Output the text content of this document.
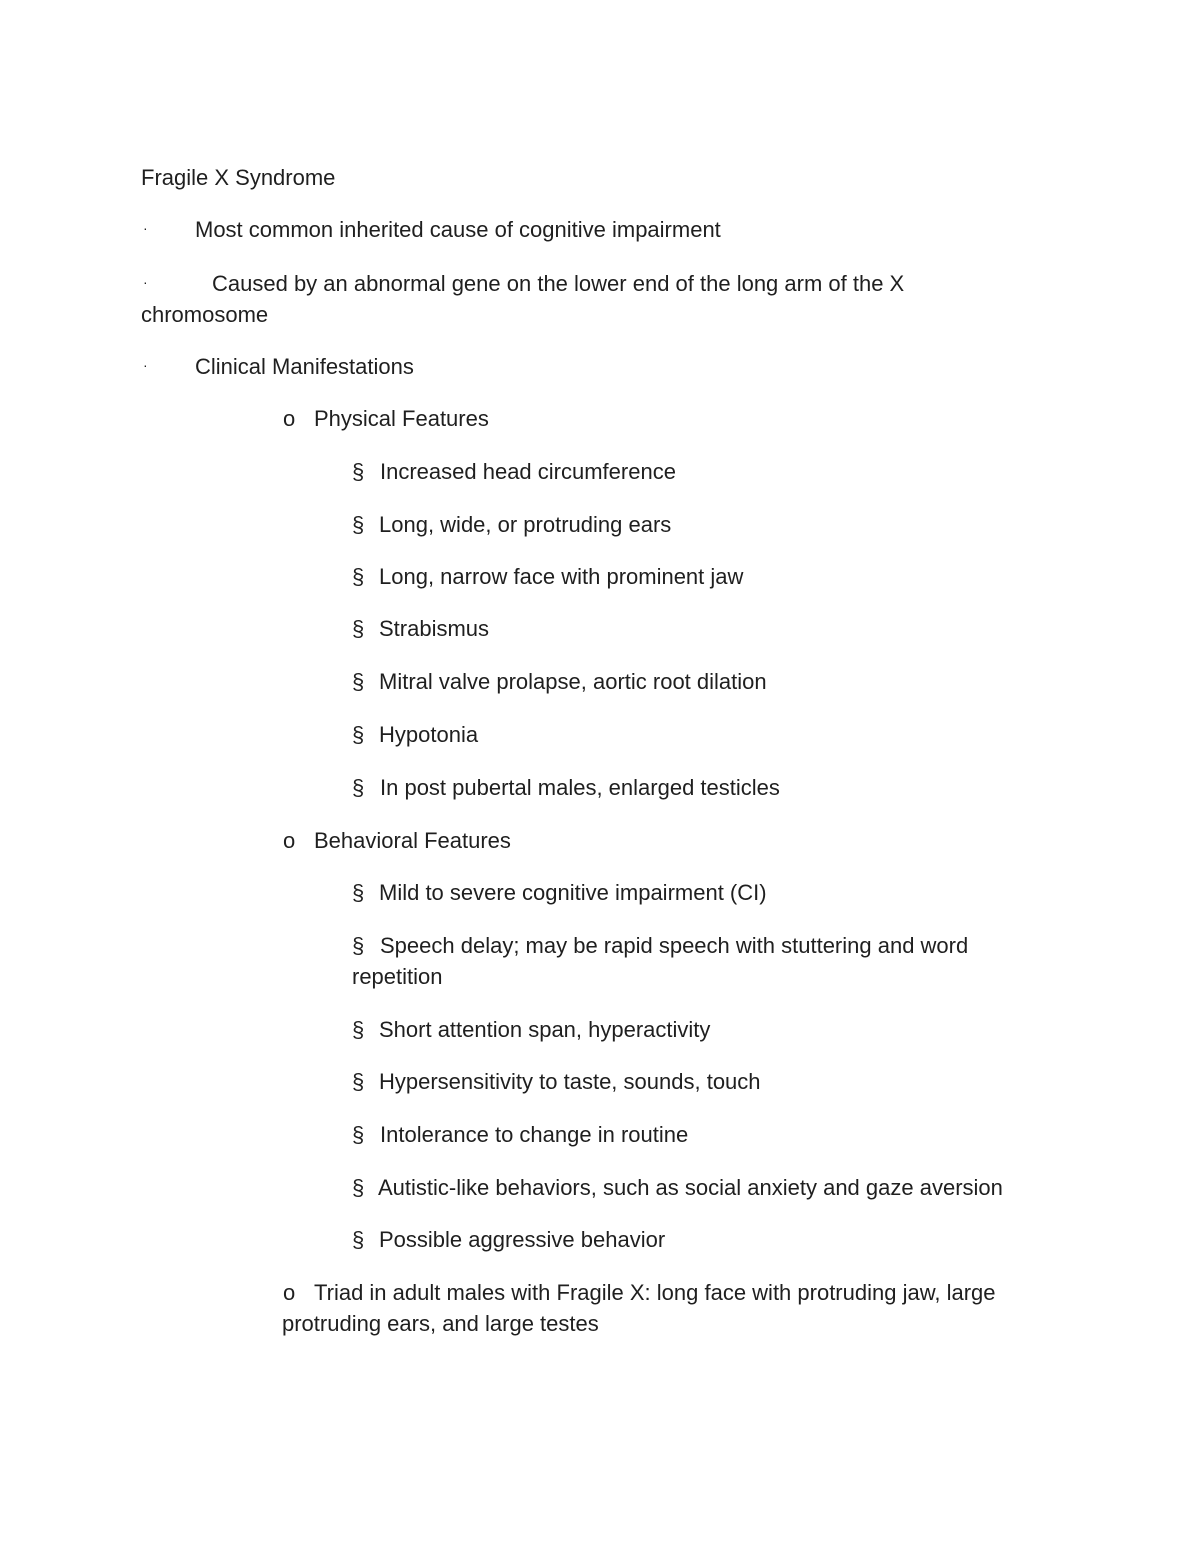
Fragile X Syndrome
· Most common inherited cause of cognitive impairment
·	Caused by an abnormal gene on the lower end of the long arm of the X
chromosome
· Clinical Manifestations
o Physical Features
§ Increased head circumference
§ Long, wide, or protruding ears
§ Long, narrow face with prominent jaw
§ Strabismus
§ Mitral valve prolapse, aortic root dilation
§ Hypotonia
§ In post pubertal males, enlarged testicles
o Behavioral Features
§ Mild to severe cognitive impairment (CI)
§ Speech delay; may be rapid speech with stuttering and word
repetition
§ Short attention span, hyperactivity
§ Hypersensitivity to taste, sounds, touch
§ Intolerance to change in routine
§ Autistic-like behaviors, such as social anxiety and gaze aversion
§ Possible aggressive behavior
o Triad in adult males with Fragile X: long face with protruding jaw, large
protruding ears, and large testes
